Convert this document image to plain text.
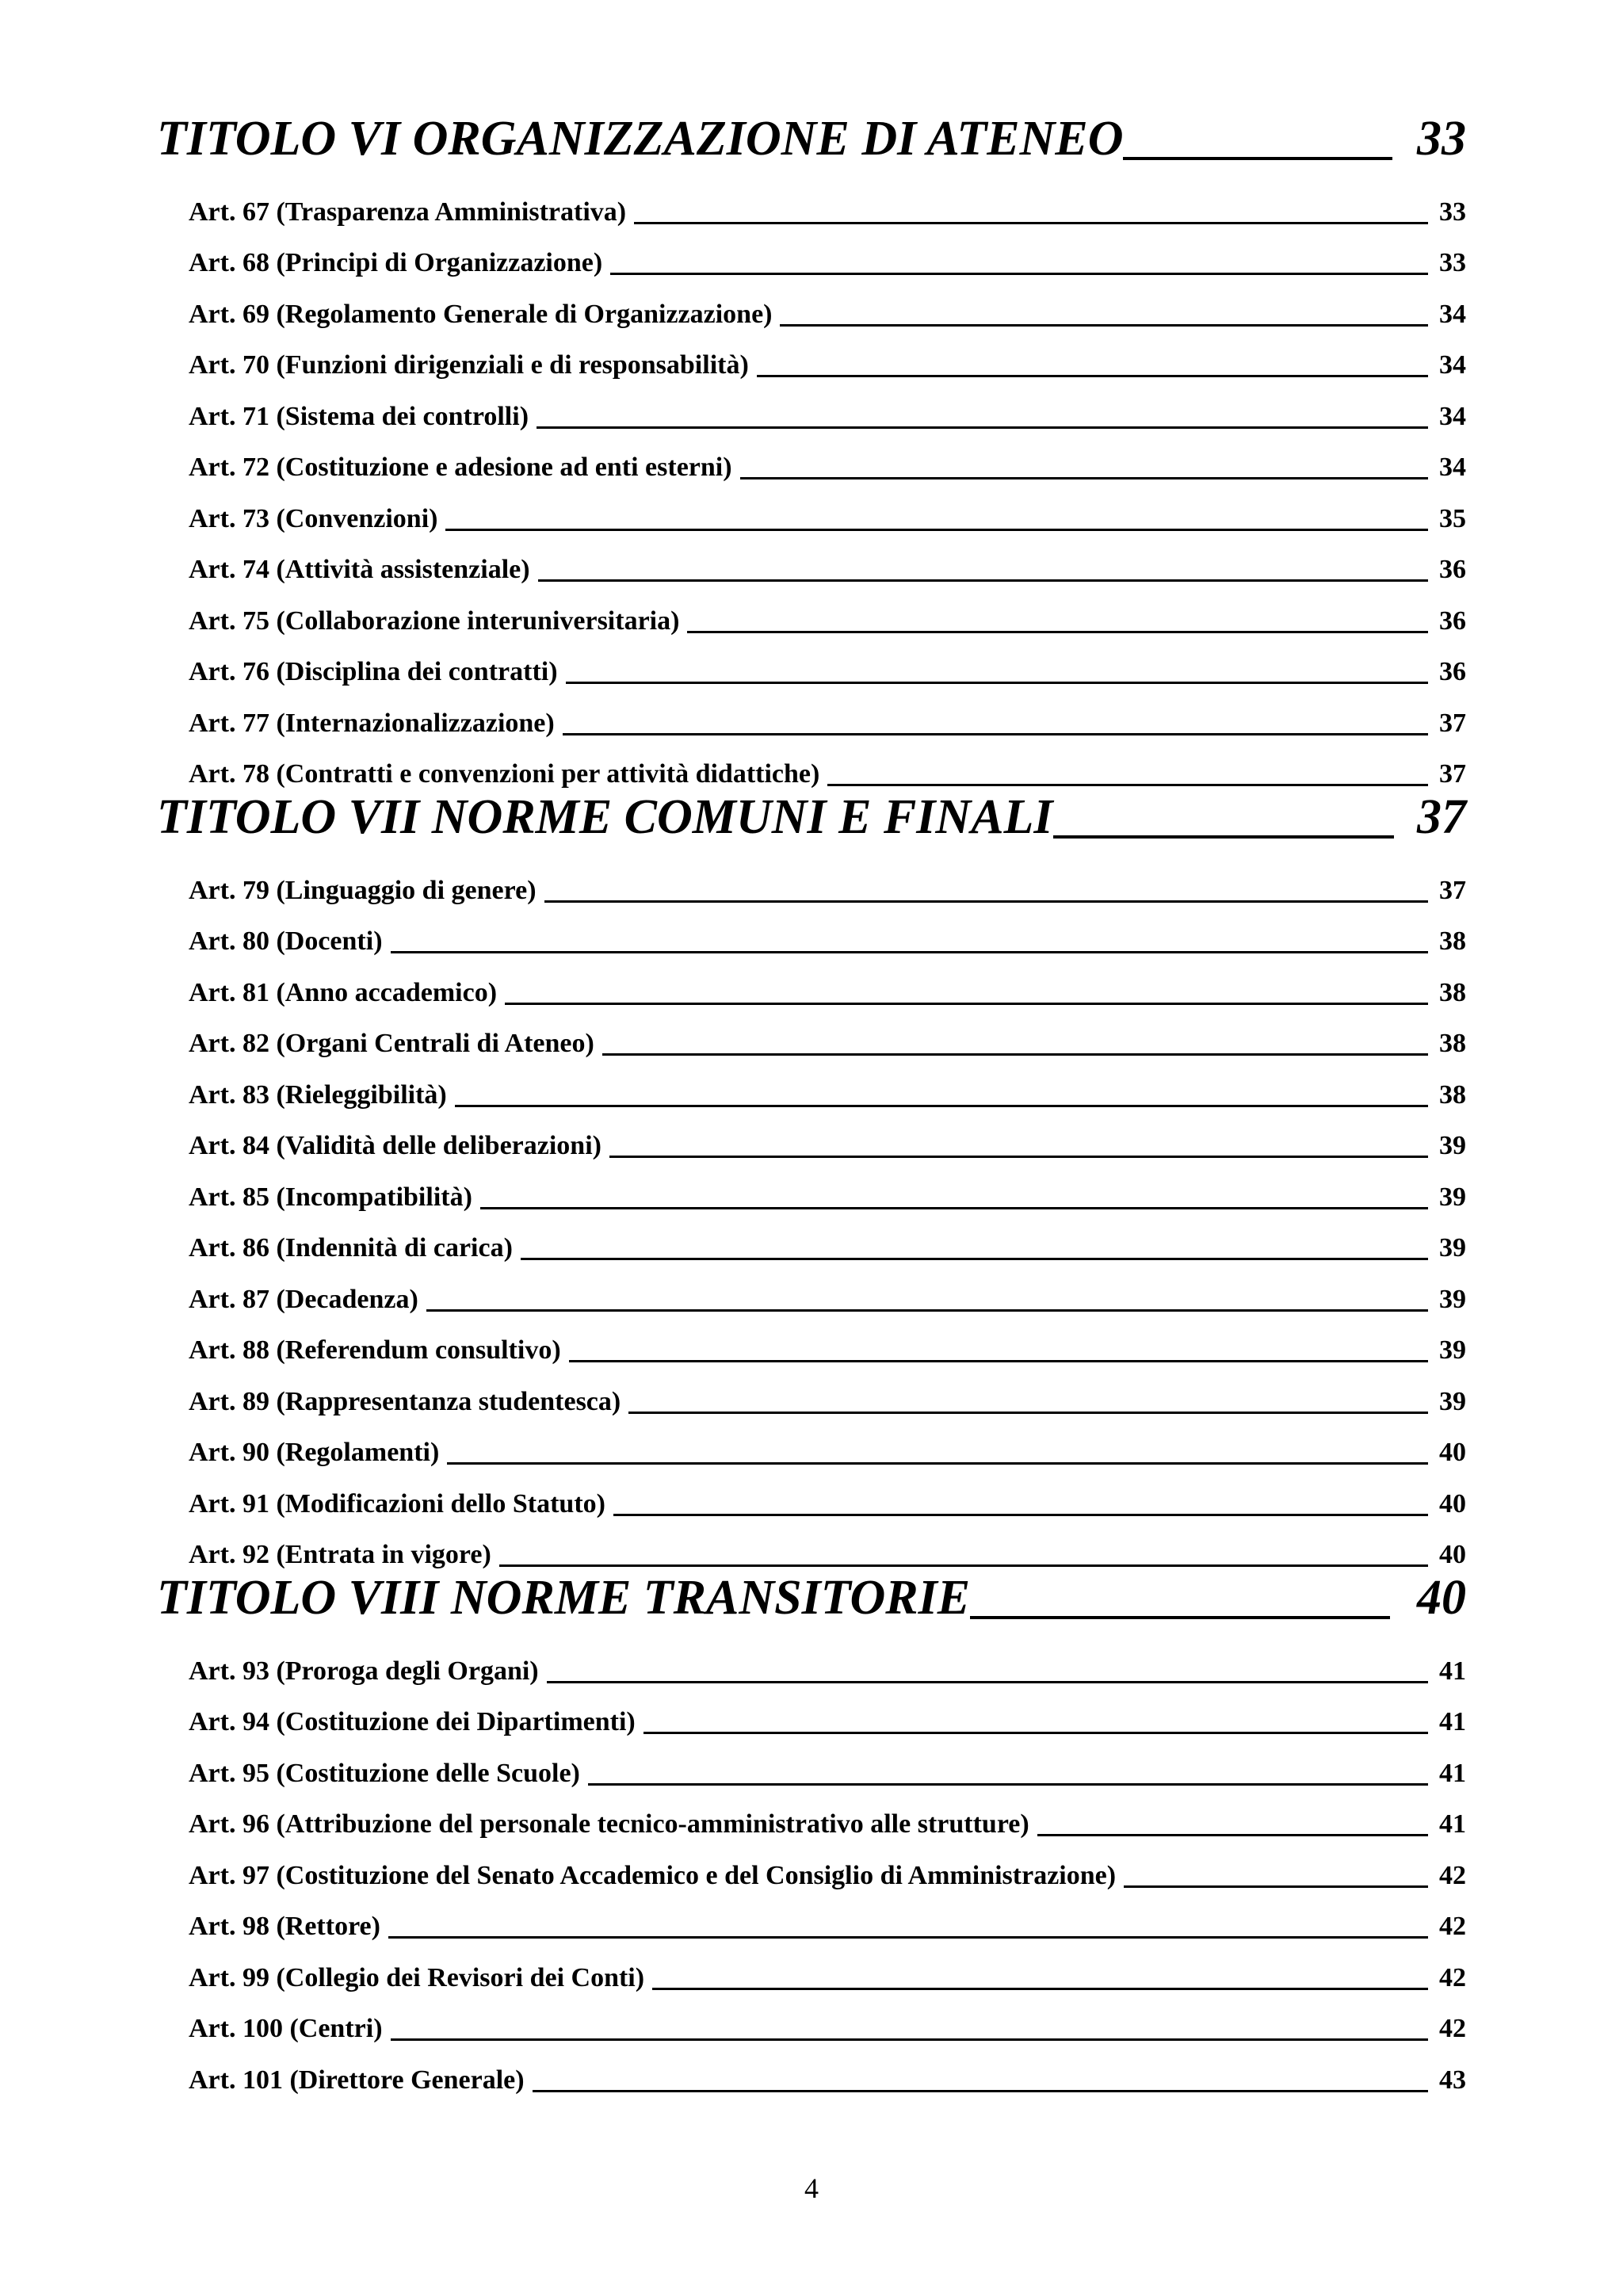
TITOLO VI ORGANIZZAZIONE DI ATENEO	33
Art. 67 (Trasparenza Amministrativa)	33
Art. 68 (Principi di Organizzazione)	33
Art. 69 (Regolamento Generale di Organizzazione)	34
Art. 70 (Funzioni dirigenziali e di responsabilità)	34
Art. 71 (Sistema dei controlli)	34
Art. 72 (Costituzione e adesione ad enti esterni)	34
Art. 73 (Convenzioni)	35
Art. 74 (Attività assistenziale)	36
Art. 75 (Collaborazione interuniversitaria)	36
Art. 76 (Disciplina dei contratti)	36
Art. 77 (Internazionalizzazione)	37
Art. 78 (Contratti e convenzioni per attività didattiche)	37
TITOLO VII NORME COMUNI E FINALI	37
Art. 79 (Linguaggio di genere)	37
Art. 80 (Docenti)	38
Art. 81 (Anno accademico)	38
Art. 82 (Organi Centrali di Ateneo)	38
Art. 83 (Rieleggibilità)	38
Art. 84 (Validità delle deliberazioni)	39
Art. 85 (Incompatibilità)	39
Art. 86 (Indennità di carica)	39
Art. 87 (Decadenza)	39
Art. 88 (Referendum consultivo)	39
Art. 89 (Rappresentanza studentesca)	39
Art. 90 (Regolamenti)	40
Art. 91 (Modificazioni dello Statuto)	40
Art. 92 (Entrata in vigore)	40
TITOLO VIII NORME TRANSITORIE	40
Art. 93 (Proroga degli Organi)	41
Art. 94 (Costituzione dei Dipartimenti)	41
Art. 95 (Costituzione delle Scuole)	41
Art. 96 (Attribuzione del personale tecnico-amministrativo alle strutture)	41
Art. 97 (Costituzione del Senato Accademico e del Consiglio di Amministrazione)	42
Art. 98 (Rettore)	42
Art. 99 (Collegio dei Revisori dei Conti)	42
Art. 100 (Centri)	42
Art. 101 (Direttore Generale)	43
4
